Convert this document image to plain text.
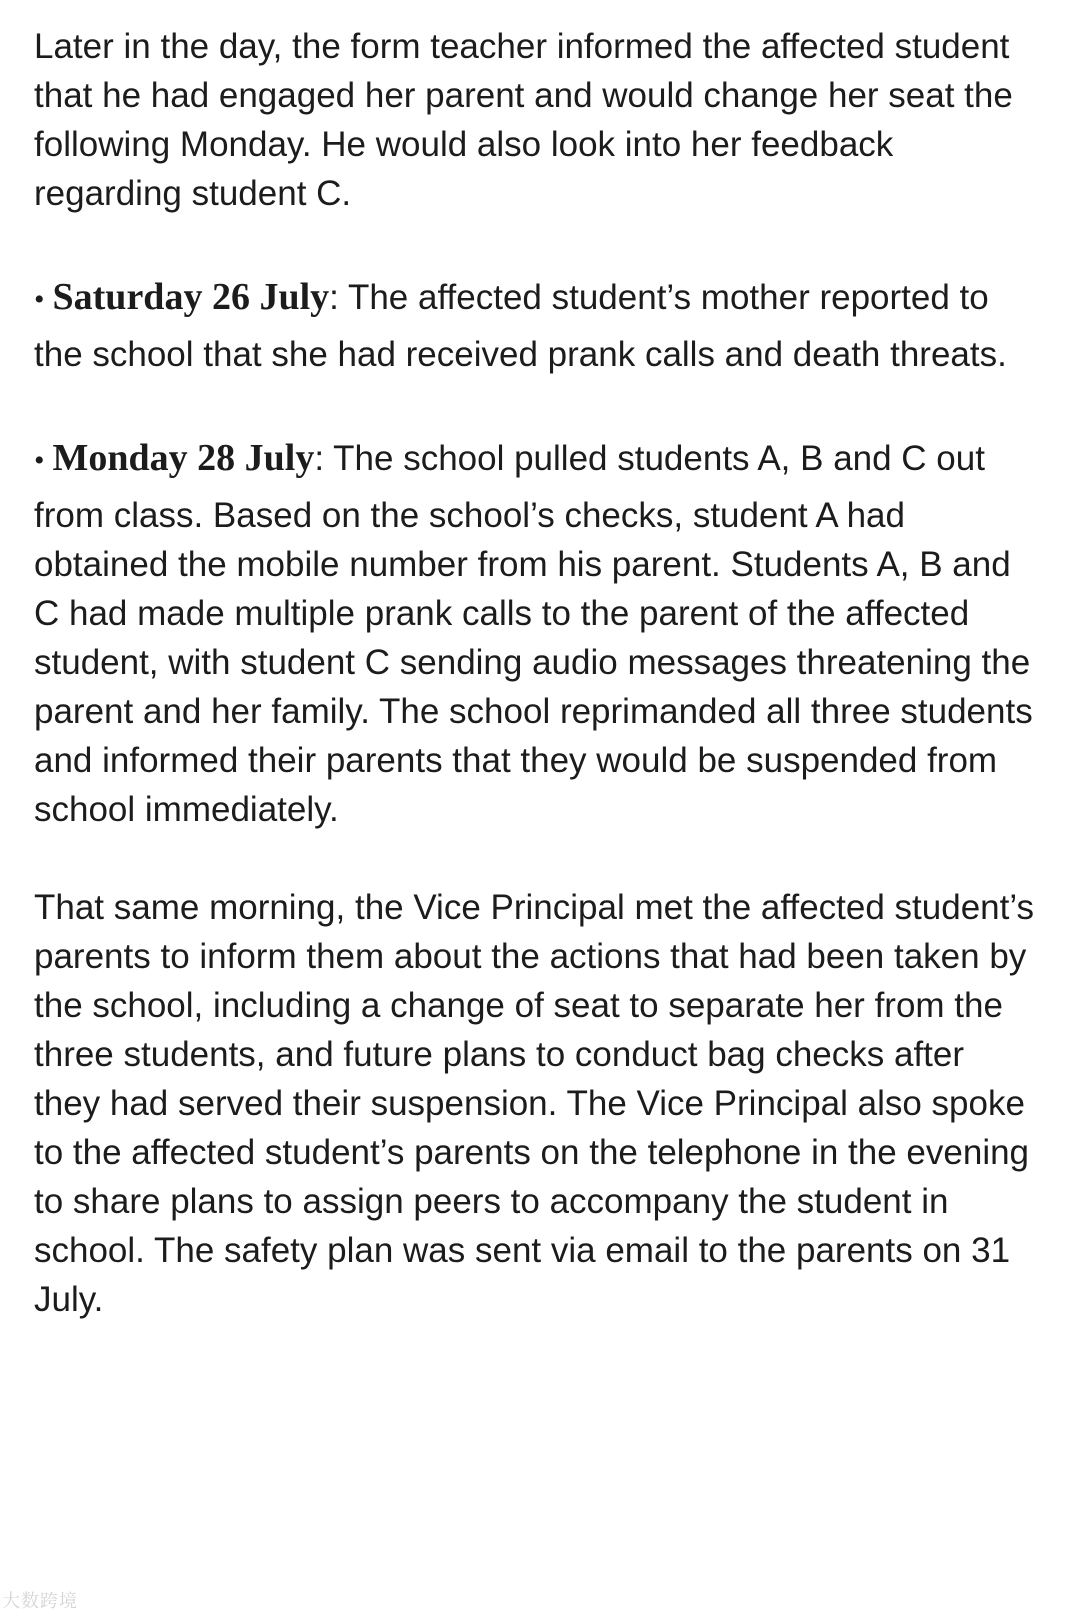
Later in the day, the form teacher informed the affected student that he had engaged her parent and would change her seat the following Monday. He would also look into her feedback regarding student C.

• Saturday 26 July: The affected student’s mother reported to the school that she had received prank calls and death threats.

• Monday 28 July: The school pulled students A, B and C out from class. Based on the school’s checks, student A had obtained the mobile number from his parent. Students A, B and C had made multiple prank calls to the parent of the affected student, with student C sending audio messages threatening the parent and her family. The school reprimanded all three students and informed their parents that they would be suspended from school immediately.

That same morning, the Vice Principal met the affected student’s parents to inform them about the actions that had been taken by the school, including a change of seat to separate her from the three students, and future plans to conduct bag checks after they had served their suspension. The Vice Principal also spoke to the affected student’s parents on the telephone in the evening to share plans to assign peers to accompany the student in school. The safety plan was sent via email to the parents on 31 July.

大数跨境
